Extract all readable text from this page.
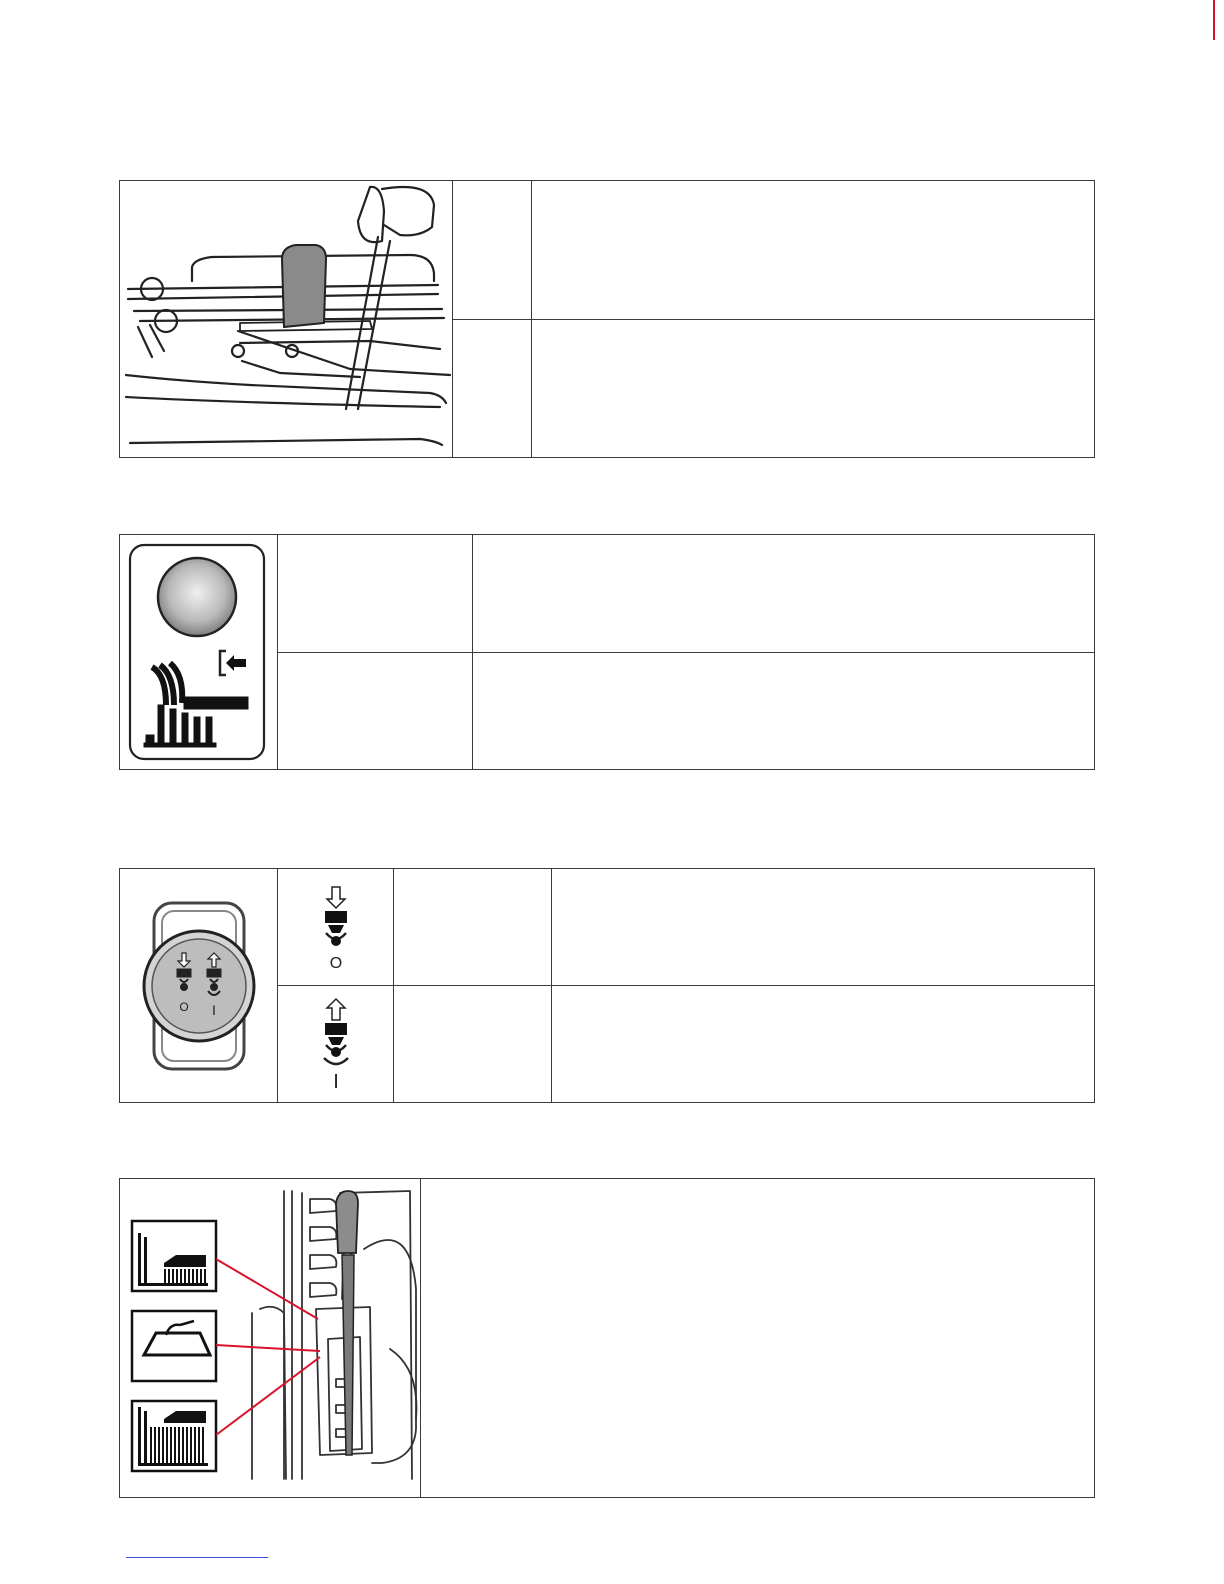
O I	O		

I		
